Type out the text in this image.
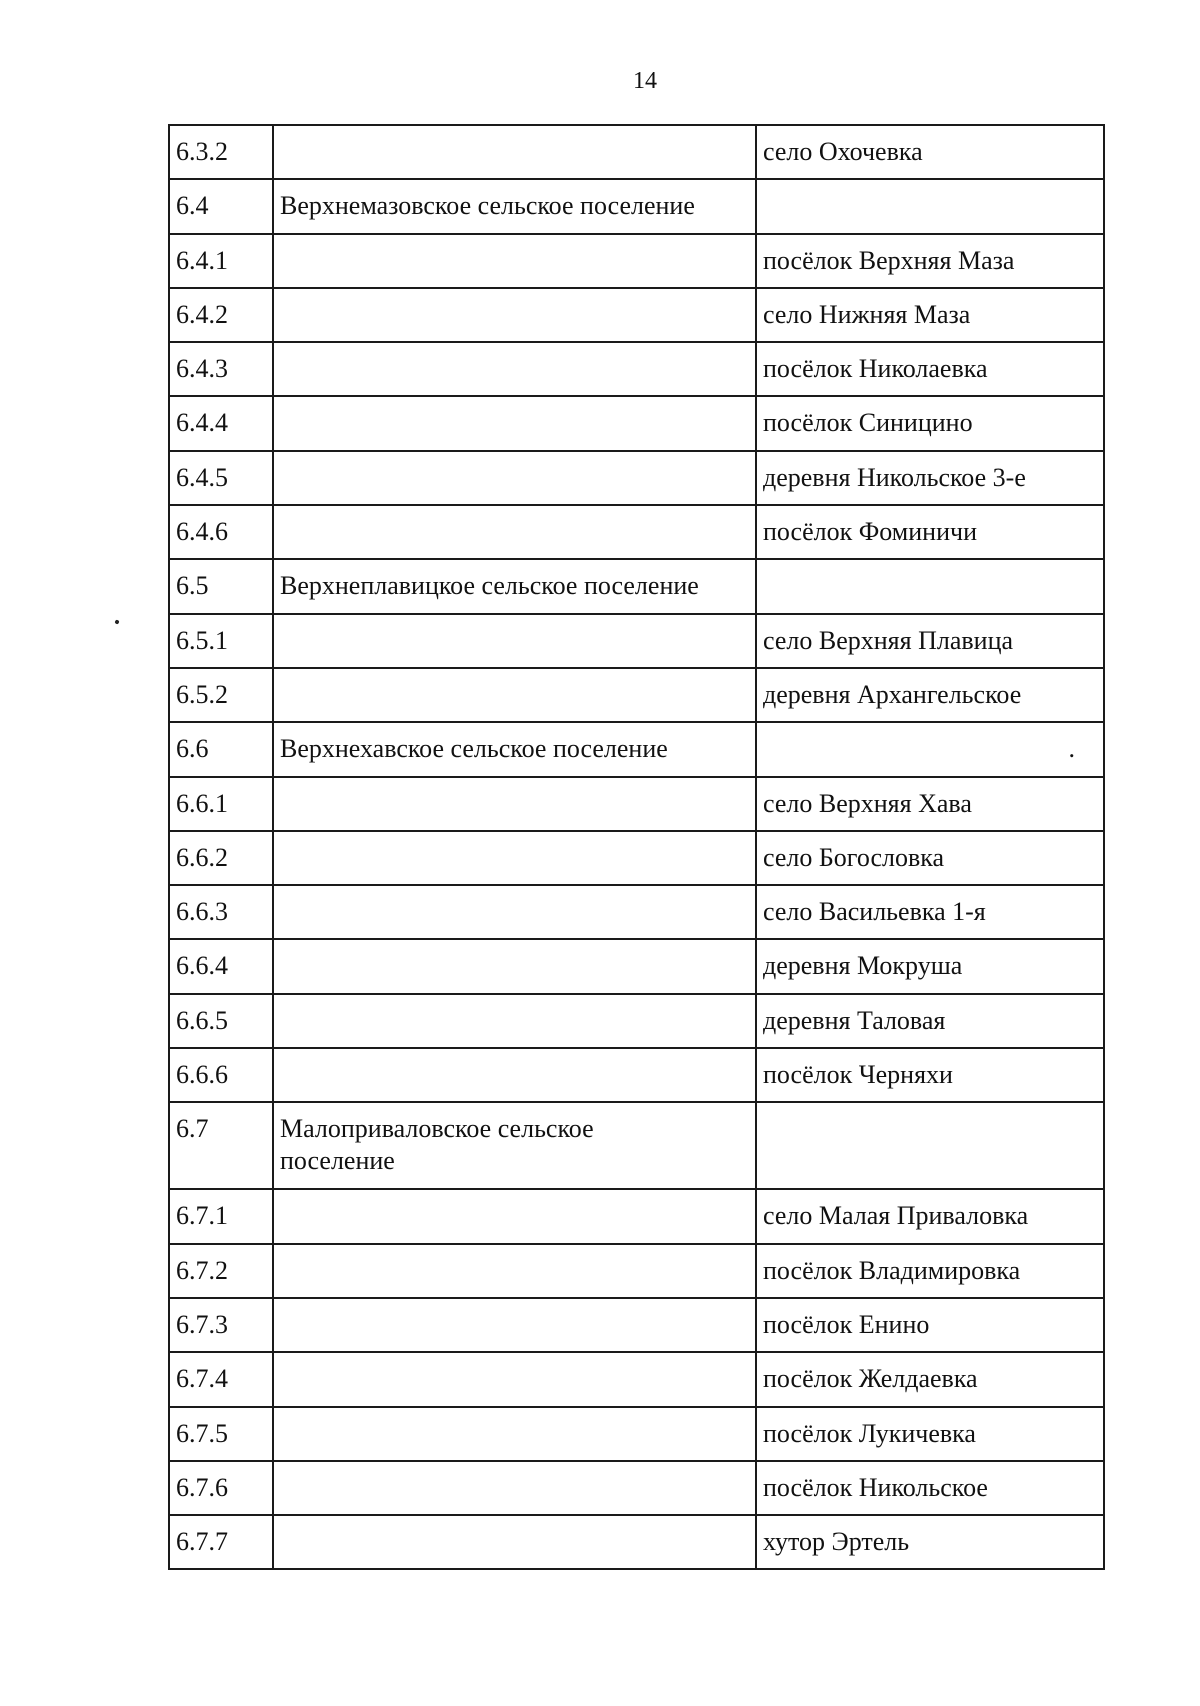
14
6.3.2		село Охочевка
6.4	Верхнемазовское сельское поселение	
6.4.1		посёлок Верхняя Маза
6.4.2		село Нижняя Маза
6.4.3		посёлок Николаевка
6.4.4		посёлок Синицино
6.4.5		деревня Никольское 3-е
6.4.6		посёлок Фоминичи
6.5	Верхнеплавицкое сельское поселение	
6.5.1		село Верхняя Плавица
6.5.2		деревня Архангельское
6.6	Верхнехавское сельское поселение	.
6.6.1		село Верхняя Хава
6.6.2		село Богословка
6.6.3		село Васильевка 1-я
6.6.4		деревня Мокруша
6.6.5		деревня Таловая
6.6.6		посёлок Черняхи
6.7	Малоприваловское сельское поселение	
6.7.1		село Малая Приваловка
6.7.2		посёлок Владимировка
6.7.3		посёлок Енино
6.7.4		посёлок Желдаевка
6.7.5		посёлок Лукичевка
6.7.6		посёлок Никольское
6.7.7		хутор Эртель
